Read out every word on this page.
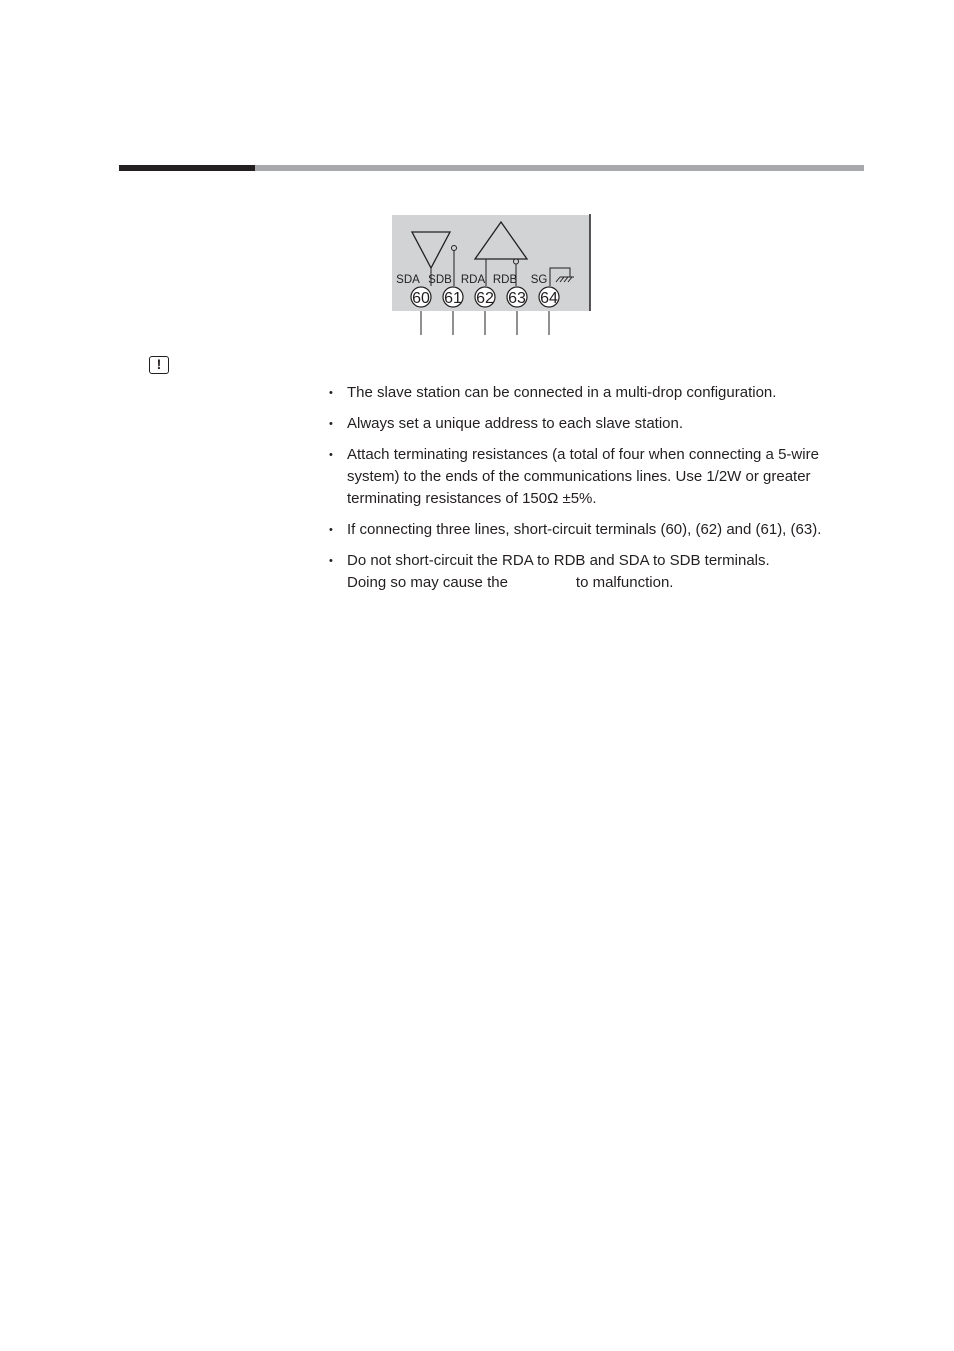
SDA SDB RDA RDB SG
60 61 62 63 64
!
• The slave station can be connected in a multi-drop configuration.
• Always set a unique address to each slave station.
• Attach terminating resistances (a total of four when connecting a 5-wire system) to the ends of the communications lines. Use 1/2W or greater terminating resistances of 150Ω ±5%.
• If connecting three lines, short-circuit terminals (60), (62) and (61), (63).
• Do not short-circuit the RDA to RDB and SDA to SDB terminals.
Doing so may cause the	to malfunction.
